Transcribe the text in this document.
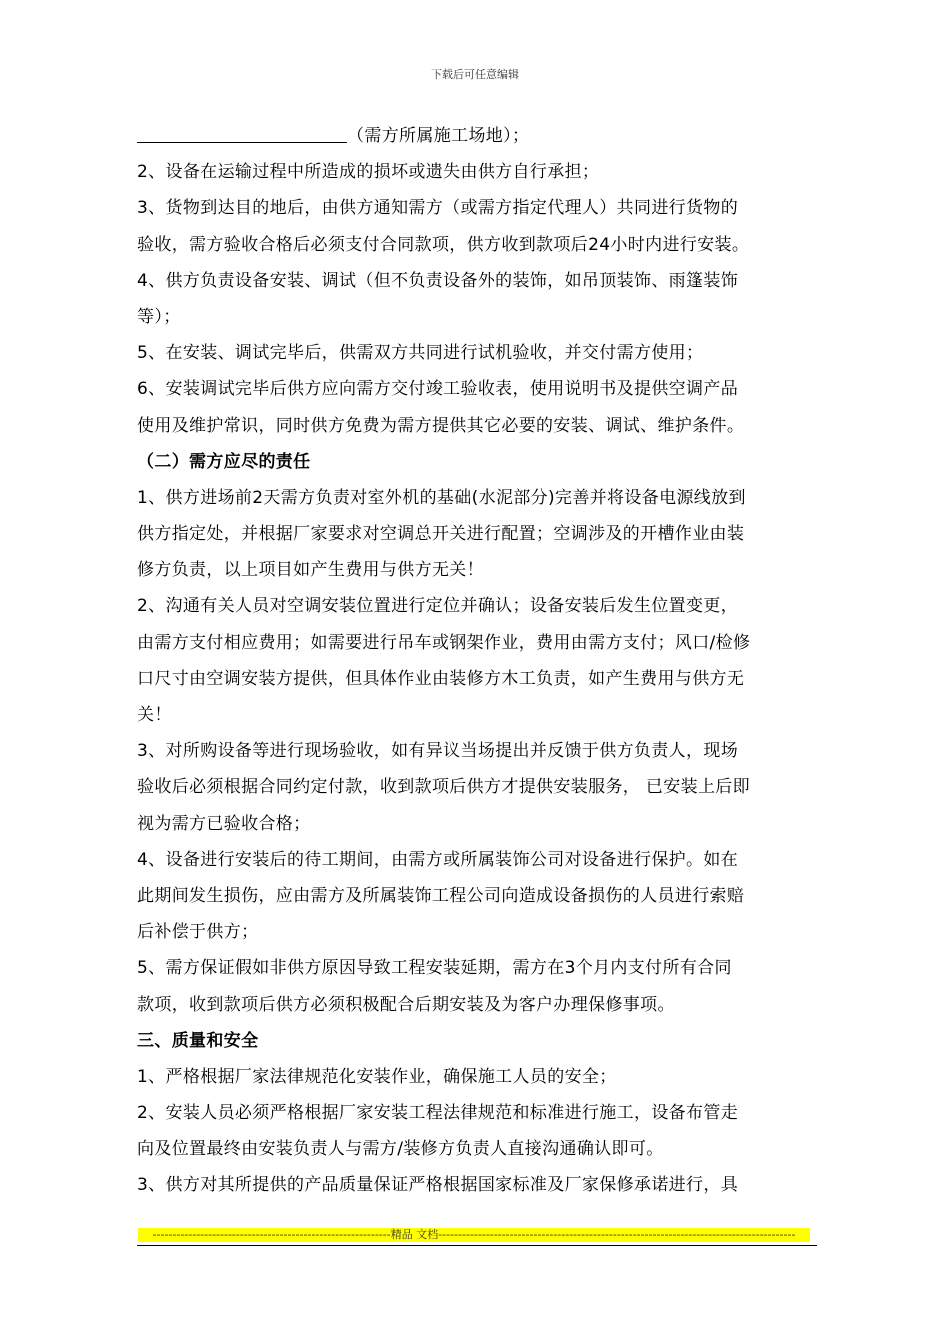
下载后可任意编辑
（需方所属施工场地）；
2、设备在运输过程中所造成的损坏或遗失由供方自行承担；
3、货物到达目的地后，由供方通知需方（或需方指定代理人）共同进行货物的
验收，需方验收合格后必须支付合同款项，供方收到款项后24小时内进行安装。
4、供方负责设备安装、调试（但不负责设备外的装饰，如吊顶装饰、雨篷装饰
等）；
5、在安装、调试完毕后，供需双方共同进行试机验收，并交付需方使用；
6、安装调试完毕后供方应向需方交付竣工验收表，使用说明书及提供空调产品
使用及维护常识，同时供方免费为需方提供其它必要的安装、调试、维护条件。
（二）需方应尽的责任
1、供方进场前2天需方负责对室外机的基础(水泥部分)完善并将设备电源线放到
供方指定处，并根据厂家要求对空调总开关进行配置；空调涉及的开槽作业由装
修方负责，以上项目如产生费用与供方无关！
2、沟通有关人员对空调安装位置进行定位并确认；设备安装后发生位置变更，
由需方支付相应费用；如需要进行吊车或钢架作业，费用由需方支付；风口/检修
口尺寸由空调安装方提供，但具体作业由装修方木工负责，如产生费用与供方无
关！
3、对所购设备等进行现场验收，如有异议当场提出并反馈于供方负责人，现场
验收后必须根据合同约定付款，收到款项后供方才提供安装服务， 已安装上后即
视为需方已验收合格；
4、设备进行安装后的待工期间，由需方或所属装饰公司对设备进行保护。如在
此期间发生损伤，应由需方及所属装饰工程公司向造成设备损伤的人员进行索赔
后补偿于供方；
5、需方保证假如非供方原因导致工程安装延期，需方在3个月内支付所有合同
款项，收到款项后供方必须积极配合后期安装及为客户办理保修事项。
三、质量和安全
1、严格根据厂家法律规范化安装作业，确保施工人员的安全；
2、安装人员必须严格根据厂家安装工程法律规范和标准进行施工，设备布管走
向及位置最终由安装负责人与需方/装修方负责人直接沟通确认即可。
3、供方对其所提供的产品质量保证严格根据国家标准及厂家保修承诺进行，具
------------------------------------------------------------精品 文档------------------------------------------------------------------------------------------
